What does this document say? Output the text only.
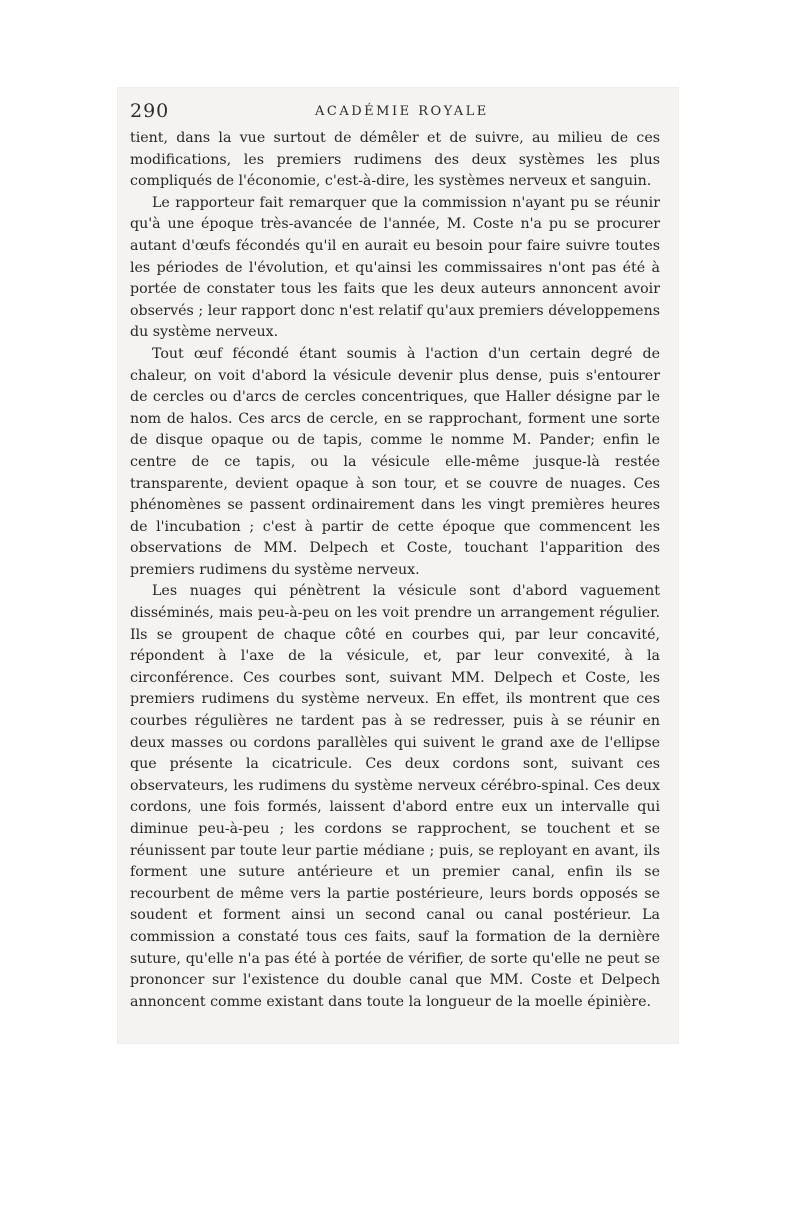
290	ACADÉMIE ROYALE

tient, dans la vue surtout de démêler et de suivre, au milieu de ces modifications, les premiers rudimens des deux systèmes les plus compliqués de l'économie, c'est-à-dire, les systèmes nerveux et sanguin.

Le rapporteur fait remarquer que la commission n'ayant pu se réunir qu'à une époque très-avancée de l'année, M. Coste n'a pu se procurer autant d'œufs fécondés qu'il en aurait eu besoin pour faire suivre toutes les périodes de l'évolution, et qu'ainsi les commissaires n'ont pas été à portée de constater tous les faits que les deux auteurs annoncent avoir observés ; leur rapport donc n'est relatif qu'aux premiers développemens du système nerveux.

Tout œuf fécondé étant soumis à l'action d'un certain degré de chaleur, on voit d'abord la vésicule devenir plus dense, puis s'entourer de cercles ou d'arcs de cercles concentriques, que Haller désigne par le nom de halos. Ces arcs de cercle, en se rapprochant, forment une sorte de disque opaque ou de tapis, comme le nomme M. Pander; enfin le centre de ce tapis, ou la vésicule elle-même jusque-là restée transparente, devient opaque à son tour, et se couvre de nuages. Ces phénomènes se passent ordinairement dans les vingt premières heures de l'incubation ; c'est à partir de cette époque que commencent les observations de MM. Delpech et Coste, touchant l'apparition des premiers rudimens du système nerveux.

Les nuages qui pénètrent la vésicule sont d'abord vaguement disséminés, mais peu-à-peu on les voit prendre un arrangement régulier. Ils se groupent de chaque côté en courbes qui, par leur concavité, répondent à l'axe de la vésicule, et, par leur convexité, à la circonférence. Ces courbes sont, suivant MM. Delpech et Coste, les premiers rudimens du système nerveux. En effet, ils montrent que ces courbes régulières ne tardent pas à se redresser, puis à se réunir en deux masses ou cordons parallèles qui suivent le grand axe de l'ellipse que présente la cicatricule. Ces deux cordons sont, suivant ces observateurs, les rudimens du système nerveux cérébro-spinal. Ces deux cordons, une fois formés, laissent d'abord entre eux un intervalle qui diminue peu-à-peu ; les cordons se rapprochent, se touchent et se réunissent par toute leur partie médiane ; puis, se reployant en avant, ils forment une suture antérieure et un premier canal, enfin ils se recourbent de même vers la partie postérieure, leurs bords opposés se soudent et forment ainsi un second canal ou canal postérieur. La commission a constaté tous ces faits, sauf la formation de la dernière suture, qu'elle n'a pas été à portée de vérifier, de sorte qu'elle ne peut se prononcer sur l'existence du double canal que MM. Coste et Delpech annoncent comme existant dans toute la longueur de la moelle épinière.
